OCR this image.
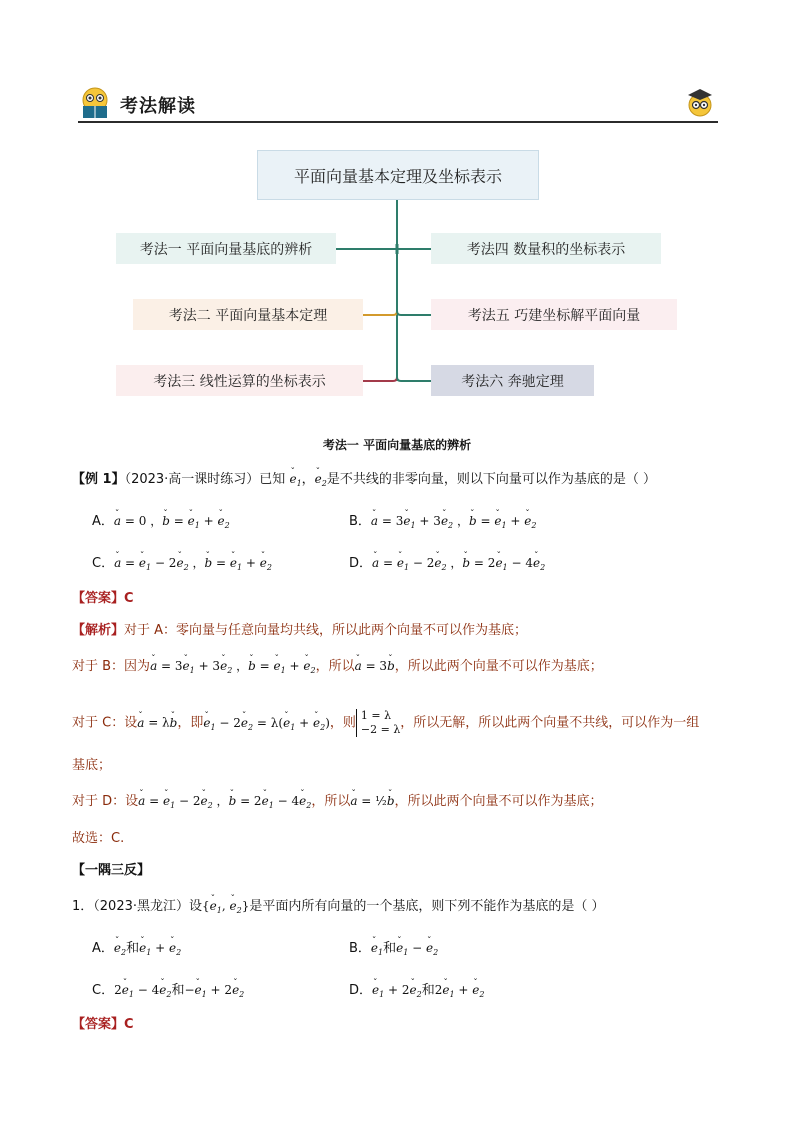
考法解读
平面向量基本定理及坐标表示
考法一 平面向量基底的辨析
考法二 平面向量基本定理
考法三 线性运算的坐标表示
考法四 数量积的坐标表示
考法五 巧建坐标解平面向量
考法六 奔驰定理
考法一 平面向量基底的辨析
【例 1】（2023·高一课时练习）已知 ˇ $e_1$，ˇ $e_2$是不共线的非零向量，则以下向量可以作为基底的是（ ）
A．ˇ a = 0 ，ˇ b = ˇ $e_1$ + ˇ $e_2$	B．ˇ a = 3ˇ $e_1$ + 3ˇ $e_2$ ，ˇ b = ˇ $e_1$ + ˇ $e_2$
C．ˇ a = ˇ $e_1$ − 2ˇ $e_2$ ，ˇ b = ˇ $e_1$ + ˇ $e_2$	D．ˇ a = ˇ $e_1$ − 2ˇ $e_2$ ，ˇ b = 2ˇ $e_1$ − 4ˇ $e_2$
【答案】C
【解析】对于 A：零向量与任意向量均共线，所以此两个向量不可以作为基底；
对于 B：因为ˇ a = 3ˇ $e_1$ + 3ˇ $e_2$ ，ˇ b = ˇ $e_1$ + ˇ $e_2$，所以ˇ a = 3ˇ b，所以此两个向量不可以作为基底；
对于 C：设ˇ a = λˇ b，即ˇ $e_1$ − 2ˇ $e_2$ = λ(ˇ $e_1$ + ˇ $e_2$)，则 1 = λ
−2 = λ，所以无解，所以此两个向量不共线，可以作为一组
基底；
对于 D：设ˇ a = ˇ $e_1$ − 2ˇ $e_2$ ，ˇ b = 2ˇ $e_1$ − 4ˇ $e_2$，所以ˇ a = ½ˇ b，所以此两个向量不可以作为基底；
故选：C.
【一隅三反】
1．（2023·黑龙江）设{ˇ $e_1$, ˇ $e_2$}是平面内所有向量的一个基底，则下列不能作为基底的是（ ）
A．ˇ $e_2$和ˇ $e_1$ + ˇ $e_2$	B．ˇ $e_1$和ˇ $e_1$ − ˇ $e_2$
C．2ˇ $e_1$ − 4ˇ $e_2$和−ˇ $e_1$ + 2ˇ $e_2$	D．ˇ $e_1$ + 2ˇ $e_2$和2ˇ $e_1$ + ˇ $e_2$
【答案】C
